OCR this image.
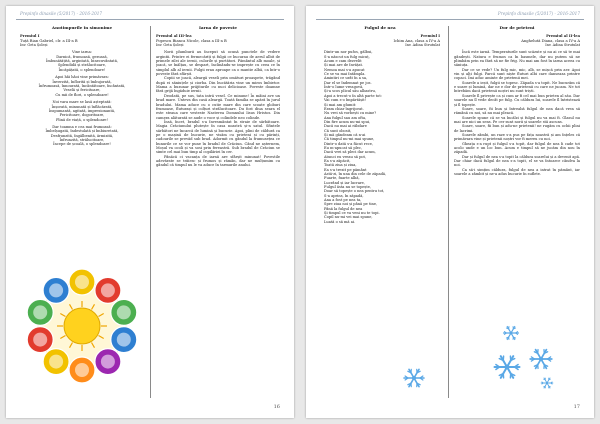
Prepinfo dinasile (5/2017) - 2016-2017
Anotimpurile în simonime
Premiul I
Tuță Rian Gabriel, clr. a III-a B
Inv. Geta Șoleși
Vine iarna:
Darnică, frumoasă, geroasă,
Îmbunătățită, argintată, binecuvântată,
Splendidă și strălucitoare,
Încăpățată, o splendoare!
Apoi hâi hâoi vine primăvara:
Înverzită, înflorită și îmbujorată,
Înfrumoasă, înnourată, încântătoare, încântată,
Veselă și fericitoare,
Cu mii de flori, o splendoare!
Noi vara mare se lasă așteptată:
Înșorată, minunată și înflăcărată,
Înspumantă, agitată, impresionantă,
Fericitoare, dogoritoare,
Plină de viață, o splendoare!
Dar toamna e cea mai frumoasă:
Îmbelșugată, îndestulată și îmbiuretată,
Desfrunzită, îngălbenită, ărmizită,
Înfrunzită, strălucitoare,
Începe de școală, o splendoare!
Iarna de poveste
Premiul al III-lea
Popescu Bianca Nicole, clasa a III-a B
Inv. Geta Șoleși

Norii plumburii au început să ocună punctele de vedere argintii. Printre ei fermecăriți și fulgii ce bucurau de aerul albit de primele zilei ale iernii, culorile și purtători. Pământul alb moale, și joacă, se înălțau, se despart, înclinându-se imprește cu ceea ce în simplul alb al iernii. Fulgii erau aproape ca o mantie albă, ca într-o poveste fără sfârșit.

Copiii se joacă, aleargă veseli prin omături proaspete, trăgând după ei săniuțele și ciorba. Din bucătăria vine un miros îmbietor. Mama a buzunar prăjiturile cu nuci delicioase. Poveste doamne fără grijă îngăduie iernii.

Deodată, pe sus, tata intră vesel. Ce minune! În mâini ave un brad mare. Unteva din casă aleargă. Toată familia se apără în jurul bradului. Mama aduce cu o cutie mare din care scoate globuri frumoase, fluturași și colțuri strălucitoare. Du fost diua seara el este steaua care vesteste Nasterea Domnului Iisus Hristos. Din camera alăturată se aude o voce și colindele neo colinde.

Însă, încet, bradul s-a învesmântat în straie de sărbătoare. Magia Crăciunului plutește în casa noastră și-n satul. Sfintele sărbători ne încarcă de lumină și bucurie. Apoi, plini de căldură ca pe o mașină de bucurie, ne visăm cu prieteni și cu părinți, cadourile se prevăd sub brad. Adormit cu gândul la frumusețea ce bunurile ce se vor pune în bradul de Crăciun. Când ne așternem, Moșul va ocoli și va sosi prin fereastră. Sub bradul de Crăciun se simte cel mai bun timp al copilăriei în cer.

Pânăcă ci vacanța de iarnă are sfârșit minunat! Povestile adevărate se trăiesc și frumos și rămân, dar ne mulțumim cu gândul că timpul nu le va aduce în tarmurile anului.

16
Prepinfo dinasile (5/2017) - 2016-2017
Fulgul de nea
Premiul I
Ichim Ana, clasa a IV-a A
Inv. Adina Strutulat
Dintr-un nor pufos, gălbui,
S-a născut un fulg micuț,
Acum e cam dezvelit
Și mai are de învățat.
Nemoa mai s-a apucat
Ce se va mai întâmpla.
Amintiri ce urât în a sa,
Dar el se îndemnat pe jos.
Într-o lume vreagovă,
Și-a scos plicul său albastru,
Apoi a trecut-o în altă parte tot:
Vai cum s-o împărtășit!
Și mai am glumit:
Eram chiar îngrijorat.
Nu vrei să vorbești cu mine?
Ana fulgul sau am ofta,
Din fire acum nu-mi spui,
Dacă nu mai ai răbdare
Că sunt obosit,
Și mă gândeam că n-ai
Că timpul nu-mi mai spune,
Dintr-o dată s-a făcut rece,
Eu m-apucat să plec,
Dacă vrei să pleci dar acum,
Atunci eu vreau să pot,
Ea s-a zăpăcit,
Toată ziua și ziua,
Ea s-a trezit pe pământ
Astă-zi, în una din cele de zăpadă,
Fuarte, fuarte albă,
Lucrând și iar lucrare,
Fulgul ăsta nu se topește,
Doar să topește o nea pentru tot,
S-a aprins, în zăpadă,
Ana a fost pe nea ta,
Spre ziua noi și până pe tine,
Până la fulgul de nea
Și timpul ce va veni nu te topi.
Copil nu-mi vei mai spune,
Luată o să mă ai.
Dor de prieteni
Premiul al II-lea
Anghelută Diana, clasa a IV-a A
Inv. Adina Strutulat

Încă este iarnă. Temperaturile sunt scăzute și nu ai ce să te mai gândești. Natura e frumos ca în basmele, dar nu putem să ne plimbăm prin ea fără să ne fie frig. Nu mai am fost în iarna aceea cu săniuța.

Dar ce se vede? Un fulg mic, mic, alb, se mișcă prin aer. Apoi vin și alți fulgi. Parcă sunt niște fluturi albi care danseaza printre copaci. Îmi aduc aminte de prietenii mei.

Soarele a ieșit, fulgii se topesc. Zăpada s-a topit. Ne bucurăm că e soare și lumină, dar ne e dor de prietenii cu care ne jucam. Ne tot întrebăm dacă prietenii noștri nu sunt triști.

Soarele îl privește ca și cum ar fi cel mai bun prieten al său. Dar soarele nu îl vede decât pe fulg. Cu căldura lui, soarele îl întristează și îl topește.

Soare, soare, fii bun și întreabă fulgul de nea dacă vrea să rămână cu noi, să nu mai pleacă.

Soarele spune că se va încălzi și fulgul nu va mai fi. Glasul nu mai are nici un sens. Pe cer sunt norii și soarele stă ascuns.

Soare, soare, fii bun și adu-ne prietenii! ne rugăm cu ochii plini de lacrimi.

Soarele zâmbi, un raze s-a pus pe fața noastră și am înțeles că primăvara vine și prietenii noștri vor fi mereu cu noi.

Gheața s-a rupt și fulgul s-a topit, dar fulgul de nea îi cade tot acolo unde e un loc bun. Acum e timpul să ne jucăm din nou în zăpadă.

Dar și fulgul de nea s-a topit la căldura soarelui și a devenit apă. Dar chiar dacă fulgul de nea s-a topit, el se va întoarce cândva la noi.

Ca să-i simțim căldura, fulgul de nea a intrat în pământ, iar soarele a zâmbit și ne-a adus bucurie în suflete.

17
